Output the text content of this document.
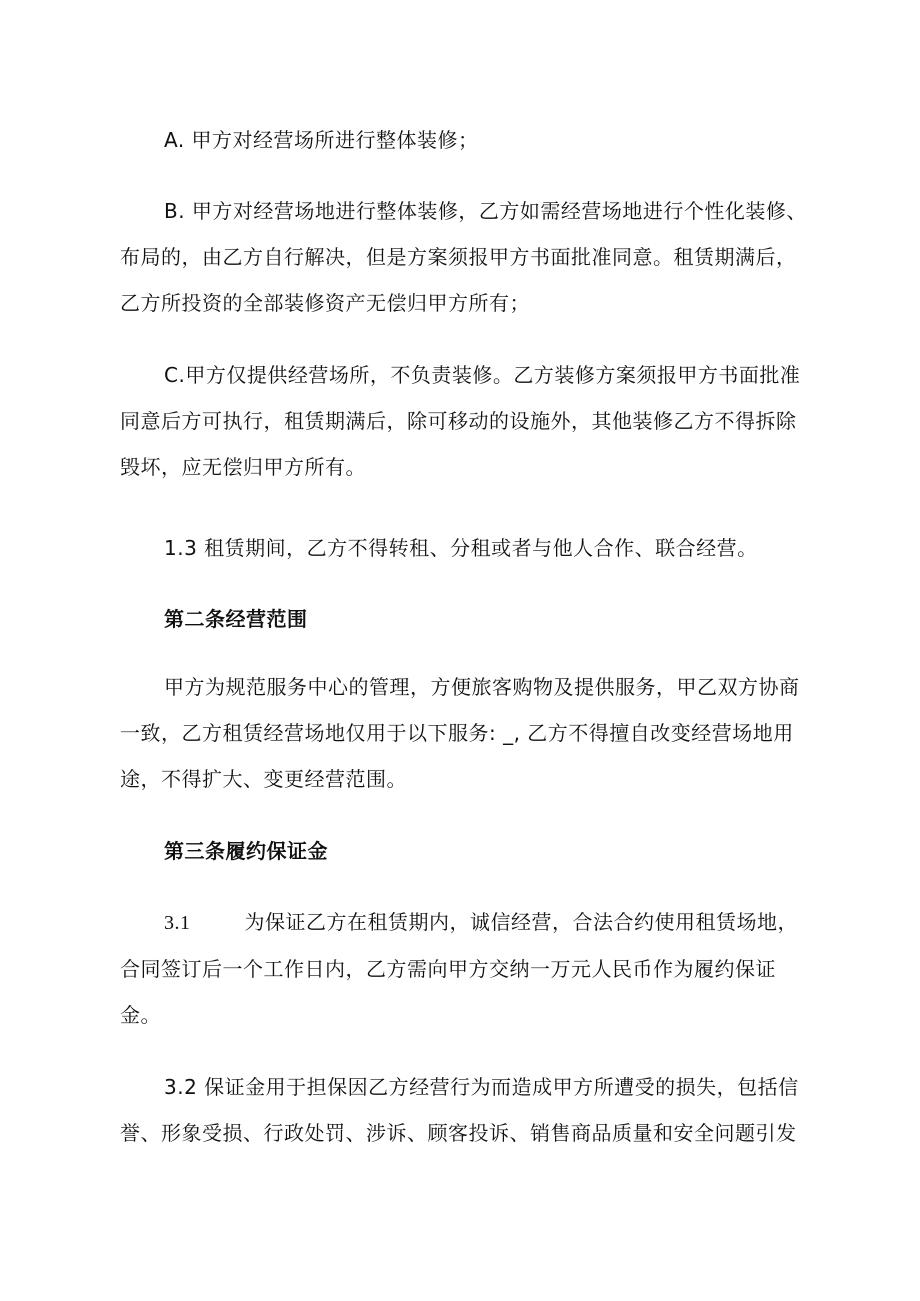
A. 甲方对经营场所进行整体装修；
B. 甲方对经营场地进行整体装修，乙方如需经营场地进行个性化装修、
布局的，由乙方自行解决，但是方案须报甲方书面批准同意。租赁期满后，
乙方所投资的全部装修资产无偿归甲方所有；
C.甲方仅提供经营场所，不负责装修。乙方装修方案须报甲方书面批准
同意后方可执行，租赁期满后，除可移动的设施外，其他装修乙方不得拆除
毁坏，应无偿归甲方所有。
1.3 租赁期间，乙方不得转租、分租或者与他人合作、联合经营。
第二条经营范围
甲方为规范服务中心的管理，方便旅客购物及提供服务，甲乙双方协商
一致，乙方租赁经营场地仅用于以下服务: _, 乙方不得擅自改变经营场地用
途，不得扩大、变更经营范围。
第三条履约保证金
3.1	为保证乙方在租赁期内，诚信经营，合法合约使用租赁场地，
合同签订后一个工作日内，乙方需向甲方交纳一万元人民币作为履约保证
金。
3.2 保证金用于担保因乙方经营行为而造成甲方所遭受的损失，包括信
誉、形象受损、行政处罚、涉诉、顾客投诉、销售商品质量和安全问题引发
